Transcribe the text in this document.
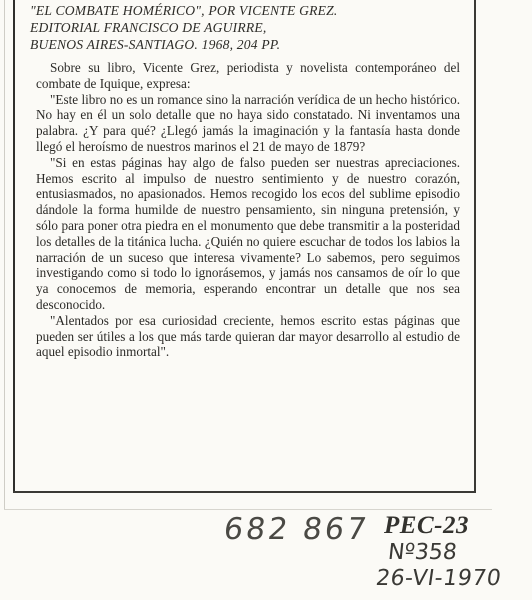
"EL COMBATE HOMÉRICO", POR VICENTE GREZ.
EDITORIAL FRANCISCO DE AGUIRRE,
BUENOS AIRES-SANTIAGO. 1968, 204 PP.

Sobre su libro, Vicente Grez, periodista y novelista contemporáneo del combate de Iquique, expresa:

"Este libro no es un romance sino la narración verídica de un hecho histórico. No hay en él un solo detalle que no haya sido constatado. Ni inventamos una palabra. ¿Y para qué? ¿Llegó jamás la imaginación y la fantasía hasta donde llegó el heroísmo de nuestros marinos el 21 de mayo de 1879?

"Si en estas páginas hay algo de falso pueden ser nuestras apreciaciones. Hemos escrito al impulso de nuestro sentimiento y de nuestro corazón, entusiasmados, no apasionados. Hemos recogido los ecos del sublime episodio dándole la forma humilde de nuestro pensamiento, sin ninguna pretensión, y sólo para poner otra piedra en el monumento que debe transmitir a la posteridad los detalles de la titánica lucha. ¿Quién no quiere escuchar de todos los labios la narración de un suceso que interesa vivamente? Lo sabemos, pero seguimos investigando como si todo lo ignorásemos, y jamás nos cansamos de oír lo que ya conocemos de memoria, esperando encontrar un detalle que nos sea desconocido.

"Alentados por esa curiosidad creciente, hemos escrito estas páginas que pueden ser útiles a los que más tarde quieran dar mayor desarrollo al estudio de aquel episodio inmortal".

682 867 PEC-23
Nº358
26-VI-1970
